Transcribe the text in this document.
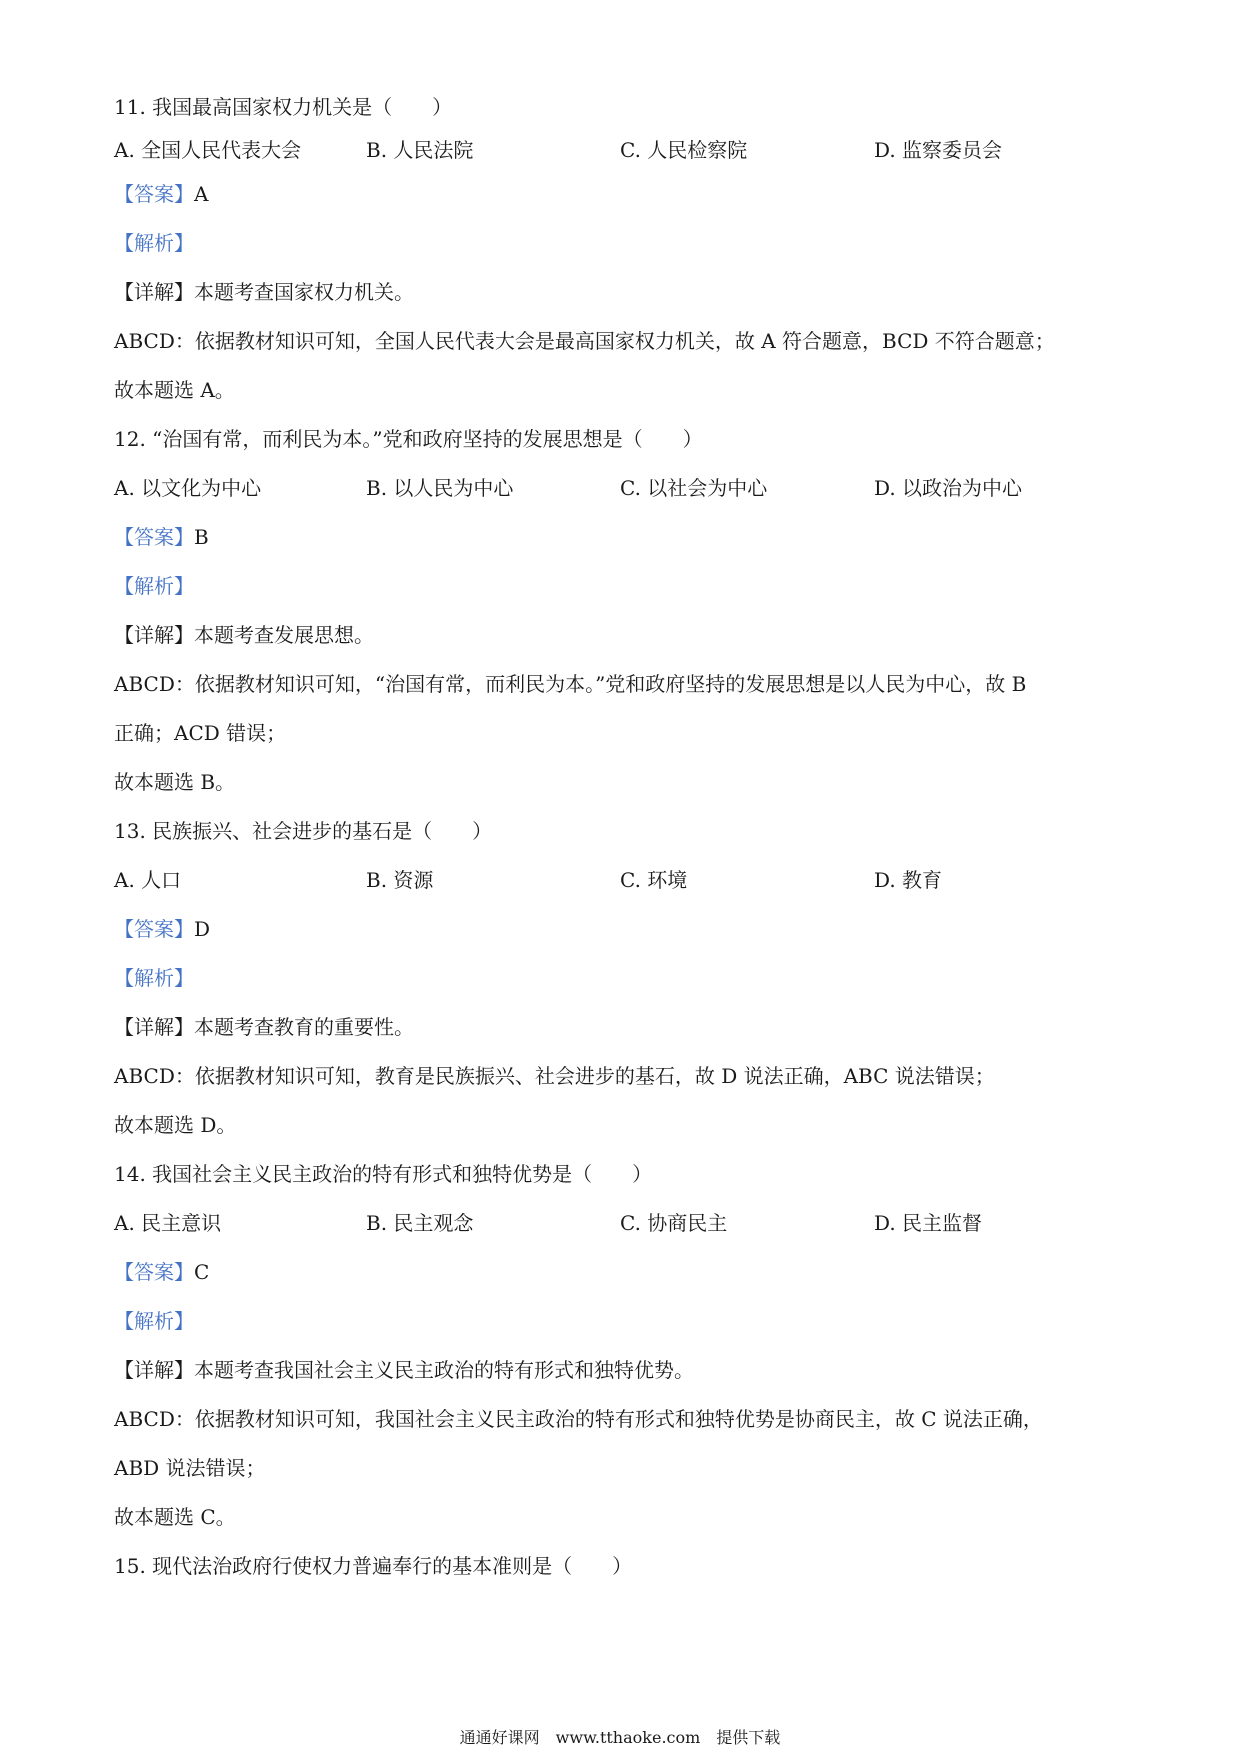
11. 我国最高国家权力机关是（　　）
A. 全国人民代表大会	B. 人民法院	C. 人民检察院	D. 监察委员会
【答案】A
【解析】
【详解】本题考查国家权力机关。
ABCD：依据教材知识可知，全国人民代表大会是最高国家权力机关，故 A 符合题意，BCD 不符合题意；
故本题选 A。
12. “治国有常，而利民为本。”党和政府坚持的发展思想是（　　）
A. 以文化为中心	B. 以人民为中心	C. 以社会为中心	D. 以政治为中心
【答案】B
【解析】
【详解】本题考查发展思想。
ABCD：依据教材知识可知，“治国有常，而利民为本。”党和政府坚持的发展思想是以人民为中心，故 B
正确；ACD 错误；
故本题选 B。
13. 民族振兴、社会进步的基石是（　　）
A. 人口	B. 资源	C. 环境	D. 教育
【答案】D
【解析】
【详解】本题考查教育的重要性。
ABCD：依据教材知识可知，教育是民族振兴、社会进步的基石，故 D 说法正确，ABC 说法错误；
故本题选 D。
14. 我国社会主义民主政治的特有形式和独特优势是（　　）
A. 民主意识	B. 民主观念	C. 协商民主	D. 民主监督
【答案】C
【解析】
【详解】本题考查我国社会主义民主政治的特有形式和独特优势。
ABCD：依据教材知识可知，我国社会主义民主政治的特有形式和独特优势是协商民主，故 C 说法正确，
ABD 说法错误；
故本题选 C。
15. 现代法治政府行使权力普遍奉行的基本准则是（　　）
通通好课网　www.tthaoke.com　提供下载
